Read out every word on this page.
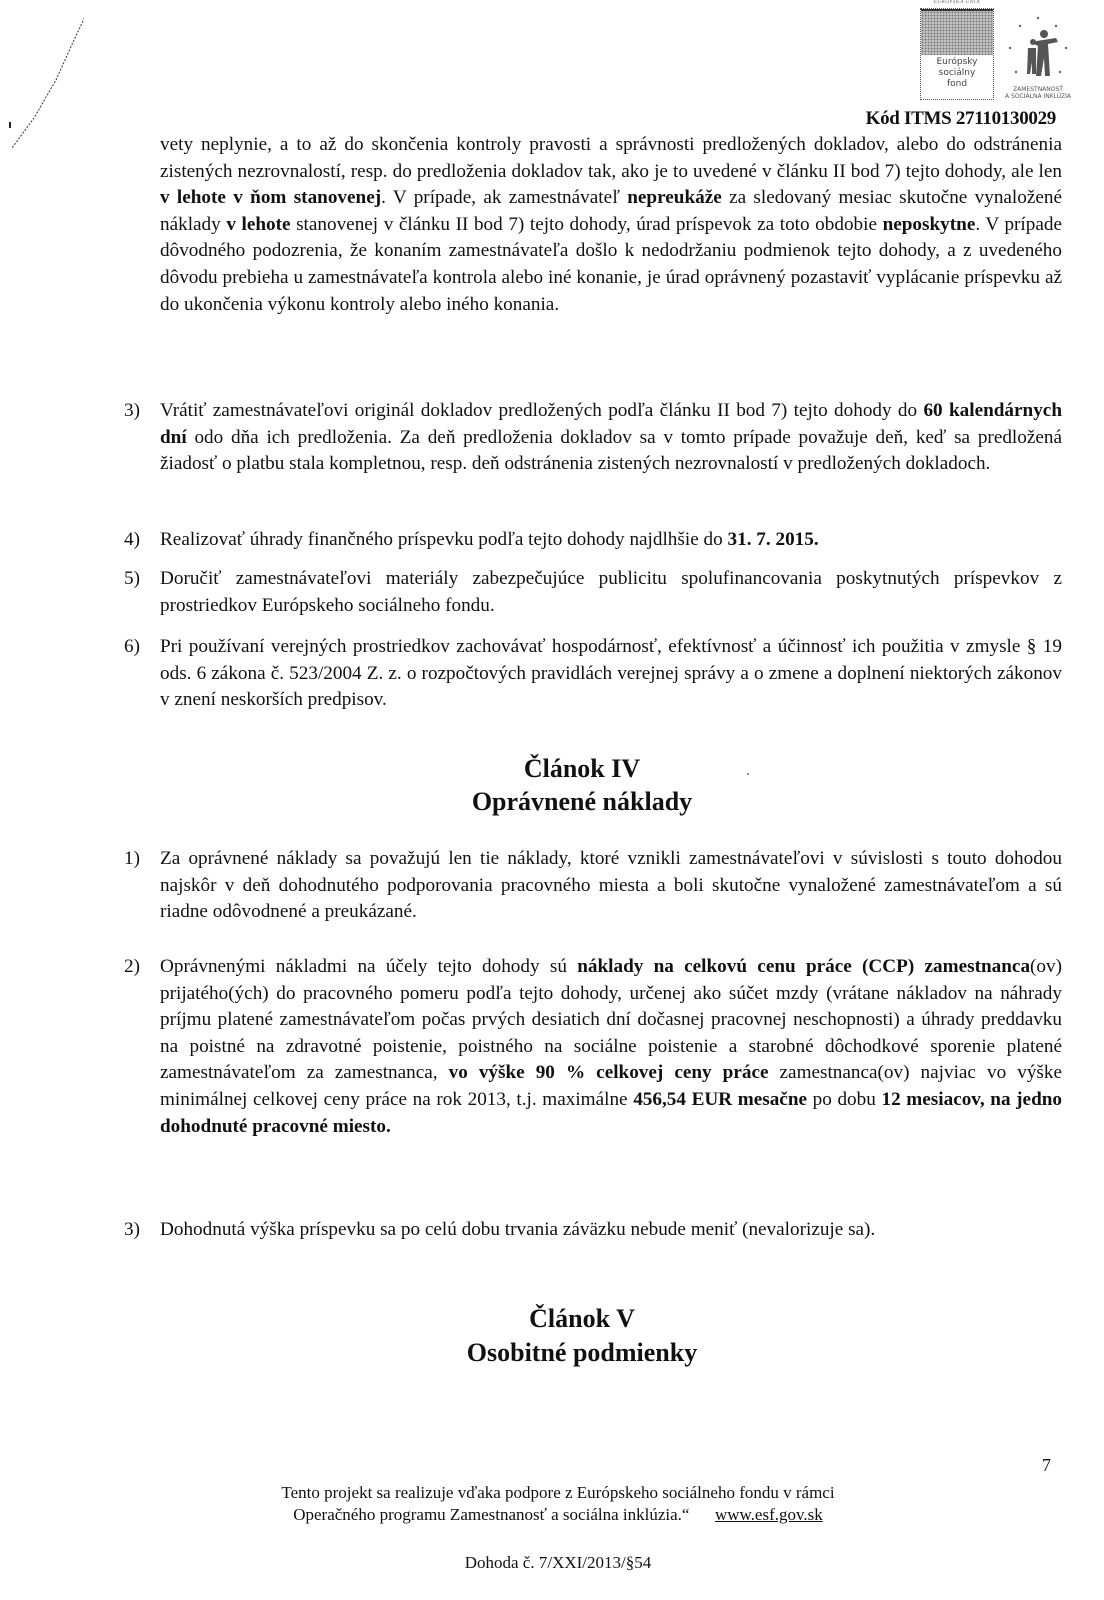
EURÓPSKA ÚNIA
Európsky
sociálny
fond
ZAMESTNANOSŤ
A SOCIÁLNA INKLÚZIA
Kód ITMS 27110130029

vety neplynie, a to až do skončenia kontroly pravosti a správnosti predložených dokladov, alebo do odstránenia zistených nezrovnalostí, resp. do predloženia dokladov tak, ako je to uvedené v článku II bod 7) tejto dohody, ale len v lehote v ňom stanovenej. V prípade, ak zamestnávateľ nepreukáže za sledovaný mesiac skutočne vynaložené náklady v lehote stanovenej v článku II bod 7) tejto dohody, úrad príspevok za toto obdobie neposkytne. V prípade dôvodného podozrenia, že konaním zamestnávateľa došlo k nedodržaniu podmienok tejto dohody, a z uvedeného dôvodu prebieha u zamestnávateľa kontrola alebo iné konanie, je úrad oprávnený pozastaviť vyplácanie príspevku až do ukončenia výkonu kontroly alebo iného konania.

3)	Vrátiť zamestnávateľovi originál dokladov predložených podľa článku II bod 7) tejto dohody do 60 kalendárnych dní odo dňa ich predloženia. Za deň predloženia dokladov sa v tomto prípade považuje deň, keď sa predložená žiadosť o platbu stala kompletnou, resp. deň odstránenia zistených nezrovnalostí v predložených dokladoch.
4)	Realizovať úhrady finančného príspevku podľa tejto dohody najdlhšie do 31. 7. 2015.
5)	Doručiť zamestnávateľovi materiály zabezpečujúce publicitu spolufinancovania poskytnutých príspevkov z prostriedkov Európskeho sociálneho fondu.
6)	Pri používaní verejných prostriedkov zachovávať hospodárnosť, efektívnosť a účinnosť ich použitia v zmysle § 19 ods. 6 zákona č. 523/2004 Z. z. o rozpočtových pravidlách verejnej správy a o zmene a doplnení niektorých zákonov v znení neskorších predpisov.
Článok IV
Oprávnené náklady
1)	Za oprávnené náklady sa považujú len tie náklady, ktoré vznikli zamestnávateľovi v súvislosti s touto dohodou najskôr v deň dohodnutého podporovania pracovného miesta a boli skutočne vynaložené zamestnávateľom a sú riadne odôvodnené a preukázané.
2)	Oprávnenými nákladmi na účely tejto dohody sú náklady na celkovú cenu práce (CCP) zamestnanca(ov) prijatého(ých) do pracovného pomeru podľa tejto dohody, určenej ako súčet mzdy (vrátane nákladov na náhrady príjmu platené zamestnávateľom počas prvých desiatich dní dočasnej pracovnej neschopnosti) a úhrady preddavku na poistné na zdravotné poistenie, poistného na sociálne poistenie a starobné dôchodkové sporenie platené zamestnávateľom za zamestnanca, vo výške 90 % celkovej ceny práce zamestnanca(ov) najviac vo výške minimálnej celkovej ceny práce na rok 2013, t.j. maximálne 456,54 EUR mesačne po dobu 12 mesiacov, na jedno dohodnuté pracovné miesto.
3)	Dohodnutá výška príspevku sa po celú dobu trvania záväzku nebude meniť (nevalorizuje sa).
Článok V
Osobitné podmienky
7
Tento projekt sa realizuje vďaka podpore z Európskeho sociálneho fondu v rámci
Operačného programu Zamestnanosť a sociálna inklúzia.“ www.esf.gov.sk
Dohoda č. 7/XXI/2013/§54
